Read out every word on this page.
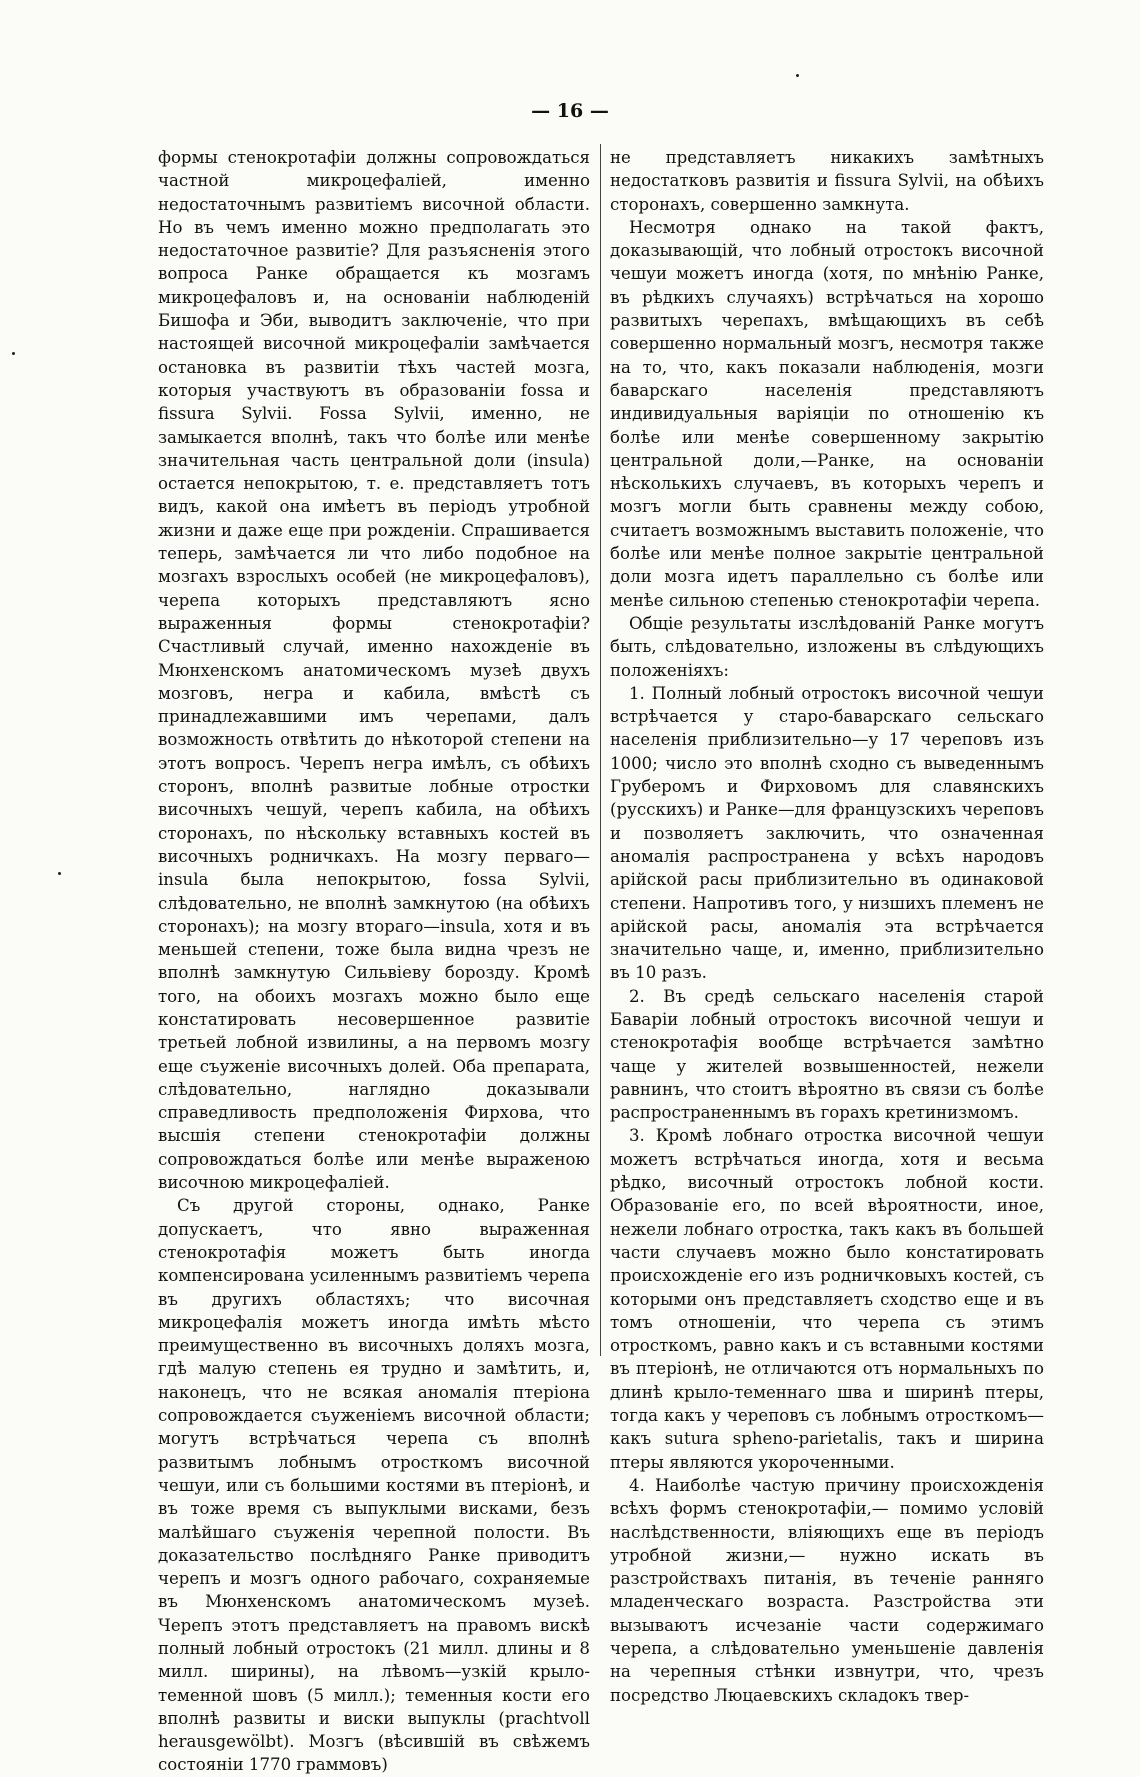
— 16 —

формы стенокротафіи должны сопровождаться частной микроцефаліей, именно недостаточнымъ развитіемъ височной области. Но въ чемъ именно можно предполагать это недостаточное развитіе? Для разъясненія этого вопроса Ранке обращается къ мозгамъ микроцефаловъ и, на основаніи наблюденій Бишофа и Эби, выводитъ заключеніе, что при настоящей височной микроцефаліи замѣчается остановка въ развитіи тѣхъ частей мозга, которыя участвуютъ въ образованіи fossa и fissura Sylvii. Fossa Sylvii, именно, не замыкается вполнѣ, такъ что болѣе или менѣе значительная часть центральной доли (insula) остается непокрытою, т. е. представляетъ тотъ видъ, какой она имѣетъ въ періодъ утробной жизни и даже еще при рожденіи. Спрашивается теперь, замѣчается ли что либо подобное на мозгахъ взрослыхъ особей (не микроцефаловъ), черепа которыхъ представляютъ ясно выраженныя формы стенокротафіи? Счастливый случай, именно нахожденіе въ Мюнхенскомъ анатомическомъ музеѣ двухъ мозговъ, негра и кабила, вмѣстѣ съ принадлежавшими имъ черепами, далъ возможность отвѣтить до нѣкоторой степени на этотъ вопросъ. Черепъ негра имѣлъ, съ обѣихъ сторонъ, вполнѣ развитые лобные отростки височныхъ чешуй, черепъ кабила, на обѣихъ сторонахъ, по нѣскольку вставныхъ костей въ височныхъ родничкахъ. На мозгу перваго— insula была непокрытою, fossa Sylvii, слѣдовательно, не вполнѣ замкнутою (на обѣихъ сторонахъ); на мозгу втораго—insula, хотя и въ меньшей степени, тоже была видна чрезъ не вполнѣ замкнутую Сильвіеву борозду. Кромѣ того, на обоихъ мозгахъ можно было еще констатировать несовершенное развитіе третьей лобной извилины, а на первомъ мозгу еще съуженіе височныхъ долей. Оба препарата, слѣдовательно, наглядно доказывали справедливость предположенія Фирхова, что высшія степени стенокротафіи должны сопровождаться болѣе или менѣе выраженою височною микроцефаліей.

Съ другой стороны, однако, Ранке допускаетъ, что явно выраженная стенокротафія можетъ быть иногда компенсирована усиленнымъ развитіемъ черепа въ другихъ областяхъ; что височная микроцефалія можетъ иногда имѣть мѣсто преимущественно въ височныхъ доляхъ мозга, гдѣ малую степень ея трудно и замѣтить, и, наконецъ, что не всякая аномалія птеріона сопровождается съуженіемъ височной области; могутъ встрѣчаться черепа съ вполнѣ развитымъ лобнымъ отросткомъ височной чешуи, или съ большими костями въ птеріонѣ, и въ тоже время съ выпуклыми висками, безъ малѣйшаго съуженія черепной полости. Въ доказательство послѣдняго Ранке приводитъ черепъ и мозгъ одного рабочаго, сохраняемые въ Мюнхенскомъ анатомическомъ музеѣ. Черепъ этотъ представляетъ на правомъ вискѣ полный лобный отростокъ (21 милл. длины и 8 милл. ширины), на лѣвомъ—узкій крыло-теменной шовъ (5 милл.); теменныя кости его вполнѣ развиты и виски выпуклы (prachtvoll herausgewölbt). Мозгъ (вѣсившій въ свѣжемъ состояніи 1770 граммовъ)

не представляетъ никакихъ замѣтныхъ недостатковъ развитія и fissura Sylvii, на обѣихъ сторонахъ, совершенно замкнута.

Несмотря однако на такой фактъ, доказывающій, что лобный отростокъ височной чешуи можетъ иногда (хотя, по мнѣнію Ранке, въ рѣдкихъ случаяхъ) встрѣчаться на хорошо развитыхъ черепахъ, вмѣщающихъ въ себѣ совершенно нормальный мозгъ, несмотря также на то, что, какъ показали наблюденія, мозги баварскаго населенія представляютъ индивидуальныя варіяціи по отношенію къ болѣе или менѣе совершенному закрытію центральной доли,—Ранке, на основаніи нѣсколькихъ случаевъ, въ которыхъ черепъ и мозгъ могли быть сравнены между собою, считаетъ возможнымъ выставить положеніе, что болѣе или менѣе полное закрытіе центральной доли мозга идетъ параллельно съ болѣе или менѣе сильною степенью стенокротафіи черепа.

Общіе результаты изслѣдованій Ранке могутъ быть, слѣдовательно, изложены въ слѣдующихъ положеніяхъ:

1. Полный лобный отростокъ височной чешуи встрѣчается у старо-баварскаго сельскаго населенія приблизительно—у 17 череповъ изъ 1000; число это вполнѣ сходно съ выведеннымъ Груберомъ и Фирховомъ для славянскихъ (русскихъ) и Ранке—для французскихъ череповъ и позволяетъ заключить, что означенная аномалія распространена у всѣхъ народовъ арійской расы приблизительно въ одинаковой степени. Напротивъ того, у низшихъ племенъ не арійской расы, аномалія эта встрѣчается значительно чаще, и, именно, приблизительно въ 10 разъ.

2. Въ средѣ сельскаго населенія старой Баваріи лобный отростокъ височной чешуи и стенокротафія вообще встрѣчается замѣтно чаще у жителей возвышенностей, нежели равнинъ, что стоитъ вѣроятно въ связи съ болѣе распространеннымъ въ горахъ кретинизмомъ.

3. Кромѣ лобнаго отростка височной чешуи можетъ встрѣчаться иногда, хотя и весьма рѣдко, височный отростокъ лобной кости. Образованіе его, по всей вѣроятности, иное, нежели лобнаго отростка, такъ какъ въ большей части случаевъ можно было констатировать происхожденіе его изъ родничковыхъ костей, съ которыми онъ представляетъ сходство еще и въ томъ отношеніи, что черепа съ этимъ отросткомъ, равно какъ и съ вставными костями въ птеріонѣ, не отличаются отъ нормальныхъ по длинѣ крыло-теменнаго шва и ширинѣ птеры, тогда какъ у череповъ съ лобнымъ отросткомъ—какъ sutura spheno-parietalis, такъ и ширина птеры являются укороченными.

4. Наиболѣе частую причину происхожденія всѣхъ формъ стенокротафіи,— помимо условій наслѣдственности, вліяющихъ еще въ періодъ утробной жизни,— нужно искать въ разстройствахъ питанія, въ теченіе ранняго младенческаго возраста. Разстройства эти вызываютъ исчезаніе части содержимаго черепа, а слѣдовательно уменьшеніе давленія на черепныя стѣнки извнутри, что, чрезъ посредство Люцаевскихъ складокъ твер-
